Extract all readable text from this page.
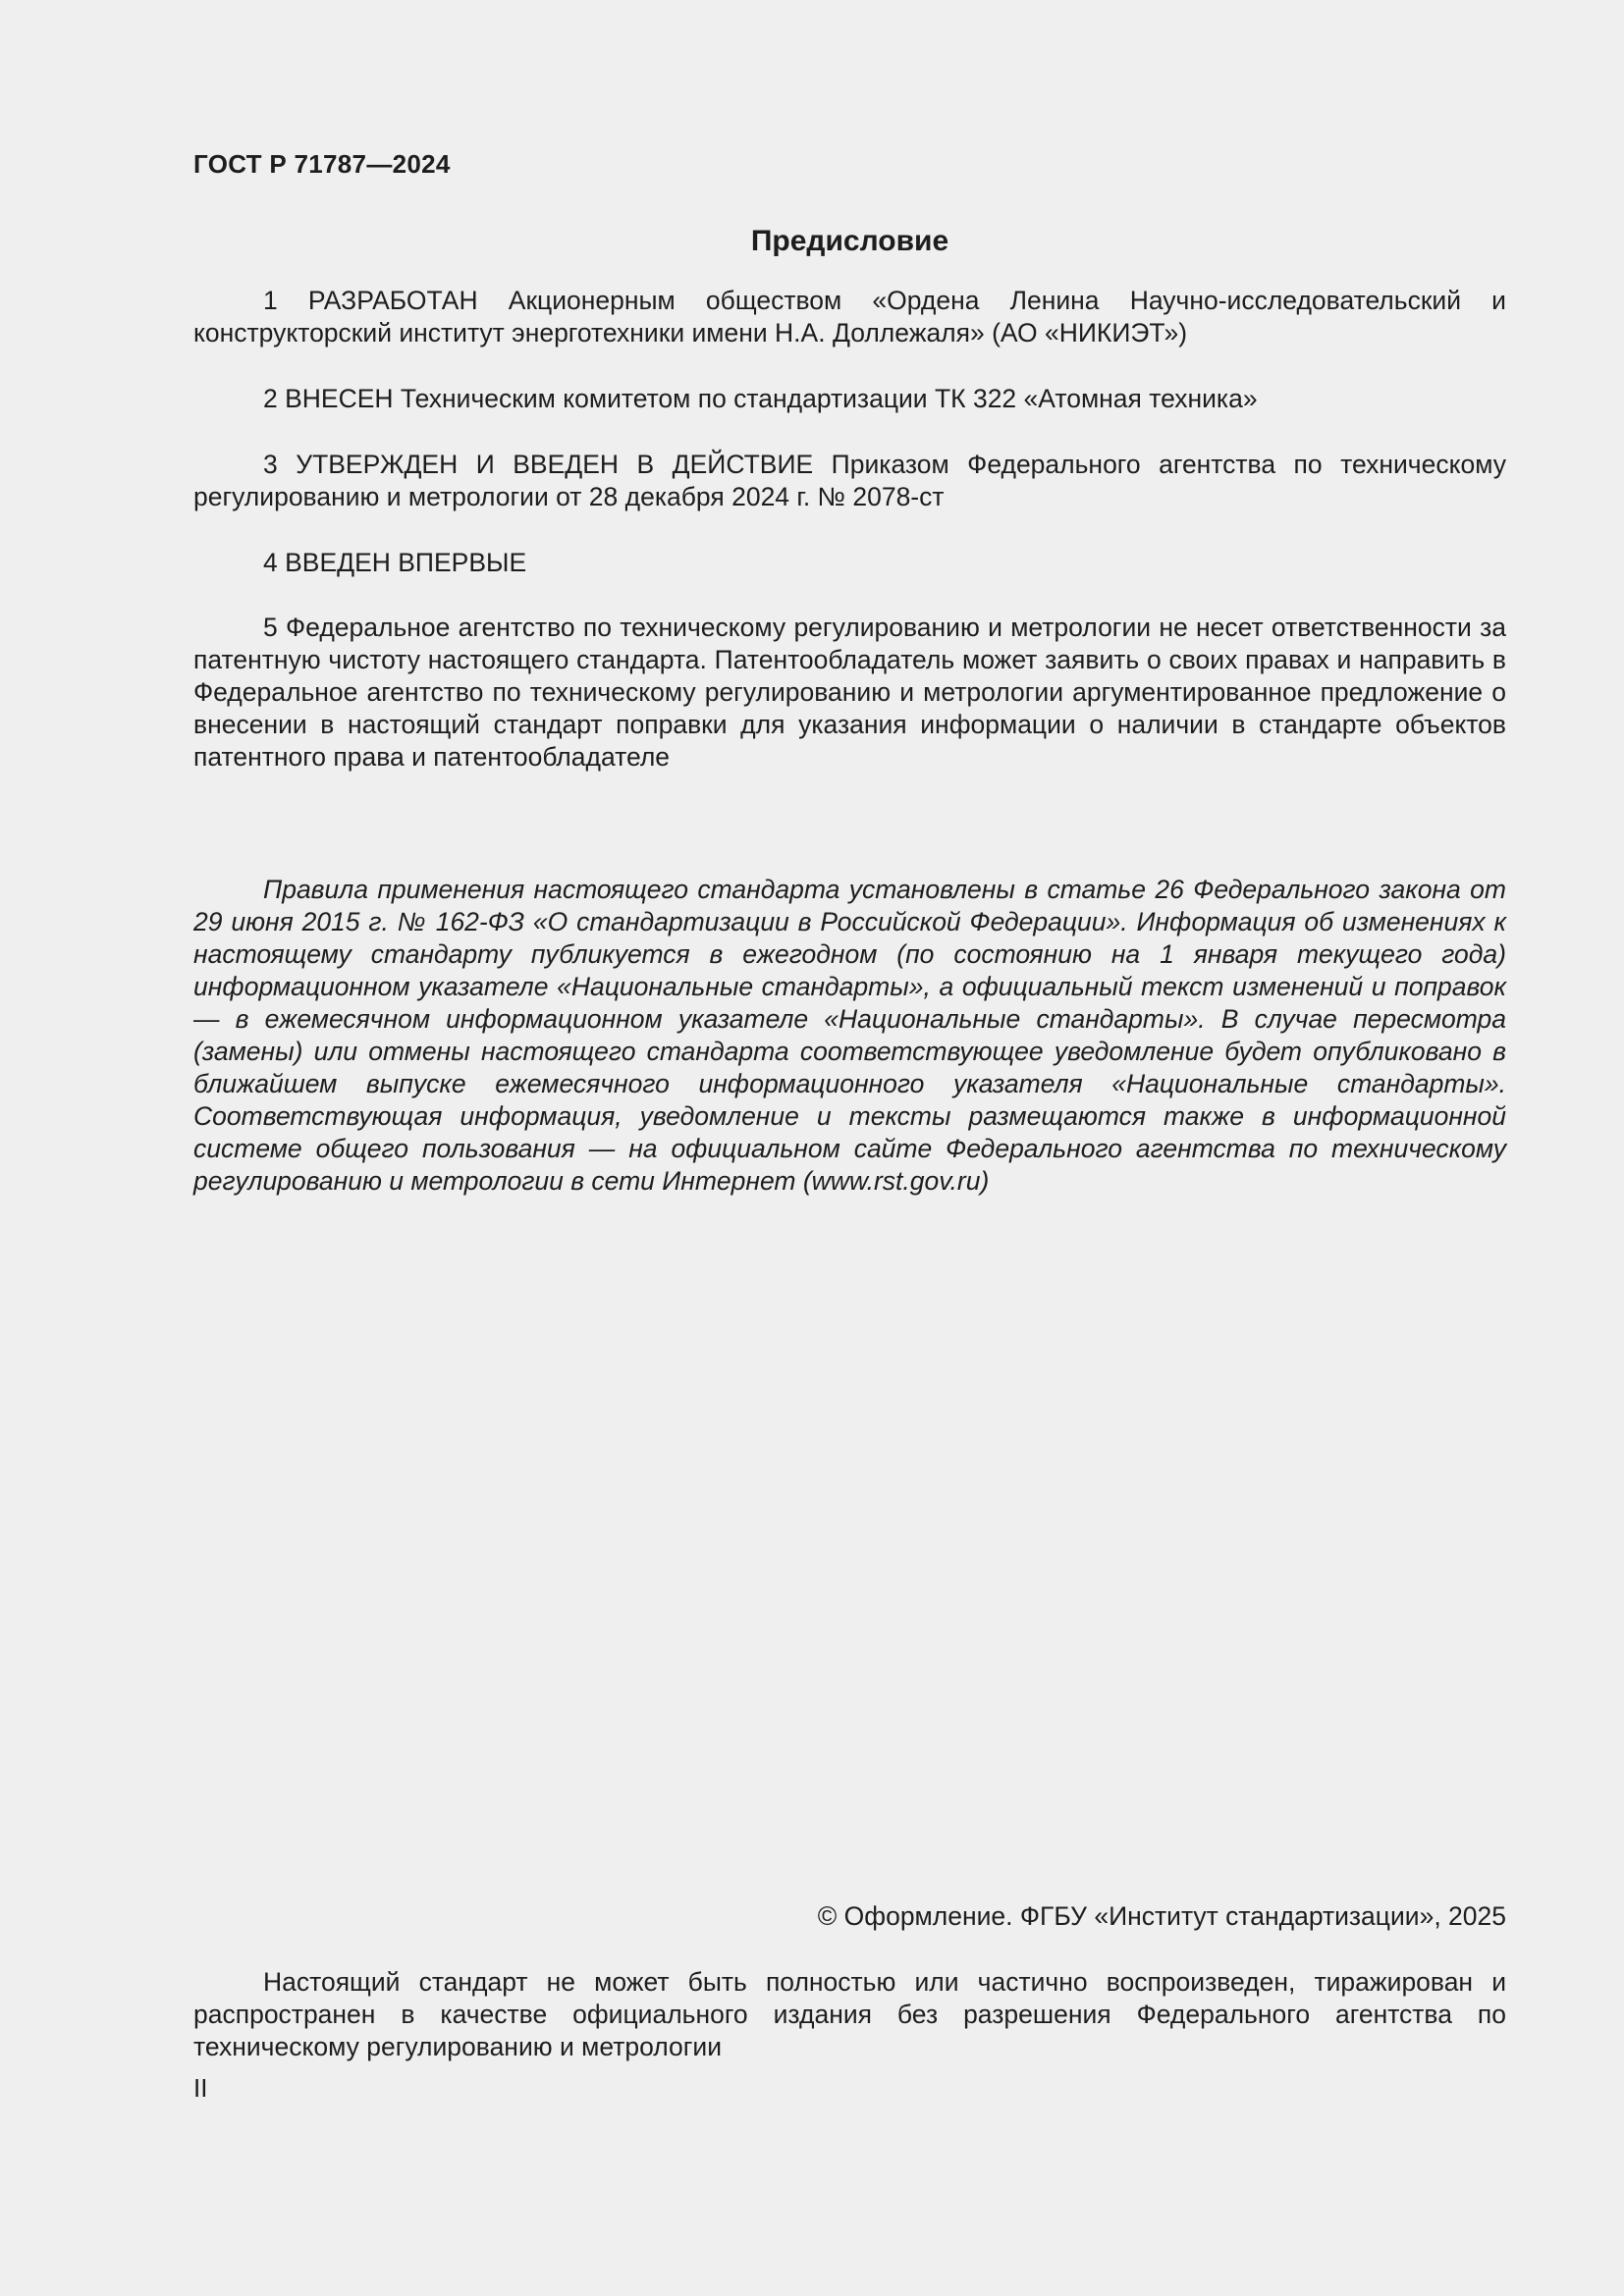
ГОСТ Р 71787—2024
Предисловие

1 РАЗРАБОТАН Акционерным обществом «Ордена Ленина Научно-исследовательский и конструкторский институт энерготехники имени Н.А. Доллежаля» (АО «НИКИЭТ»)

2 ВНЕСЕН Техническим комитетом по стандартизации ТК 322 «Атомная техника»

3 УТВЕРЖДЕН И ВВЕДЕН В ДЕЙСТВИЕ Приказом Федерального агентства по техническому регулированию и метрологии от 28 декабря 2024 г. № 2078-ст

4 ВВЕДЕН ВПЕРВЫЕ

5 Федеральное агентство по техническому регулированию и метрологии не несет ответственности за патентную чистоту настоящего стандарта. Патентообладатель может заявить о своих правах и направить в Федеральное агентство по техническому регулированию и метрологии аргументированное предложение о внесении в настоящий стандарт поправки для указания информации о наличии в стандарте объектов патентного права и патентообладателе

Правила применения настоящего стандарта установлены в статье 26 Федерального закона от 29 июня 2015 г. № 162-ФЗ «О стандартизации в Российской Федерации». Информация об изменениях к настоящему стандарту публикуется в ежегодном (по состоянию на 1 января текущего года) информационном указателе «Национальные стандарты», а официальный текст изменений и поправок — в ежемесячном информационном указателе «Национальные стандарты». В случае пересмотра (замены) или отмены настоящего стандарта соответствующее уведомление будет опубликовано в ближайшем выпуске ежемесячного информационного указателя «Национальные стандарты». Соответствующая информация, уведомление и тексты размещаются также в информационной системе общего пользования — на официальном сайте Федерального агентства по техническому регулированию и метрологии в сети Интернет (www.rst.gov.ru)

© Оформление. ФГБУ «Институт стандартизации», 2025

Настоящий стандарт не может быть полностью или частично воспроизведен, тиражирован и распространен в качестве официального издания без разрешения Федерального агентства по техническому регулированию и метрологии

II
